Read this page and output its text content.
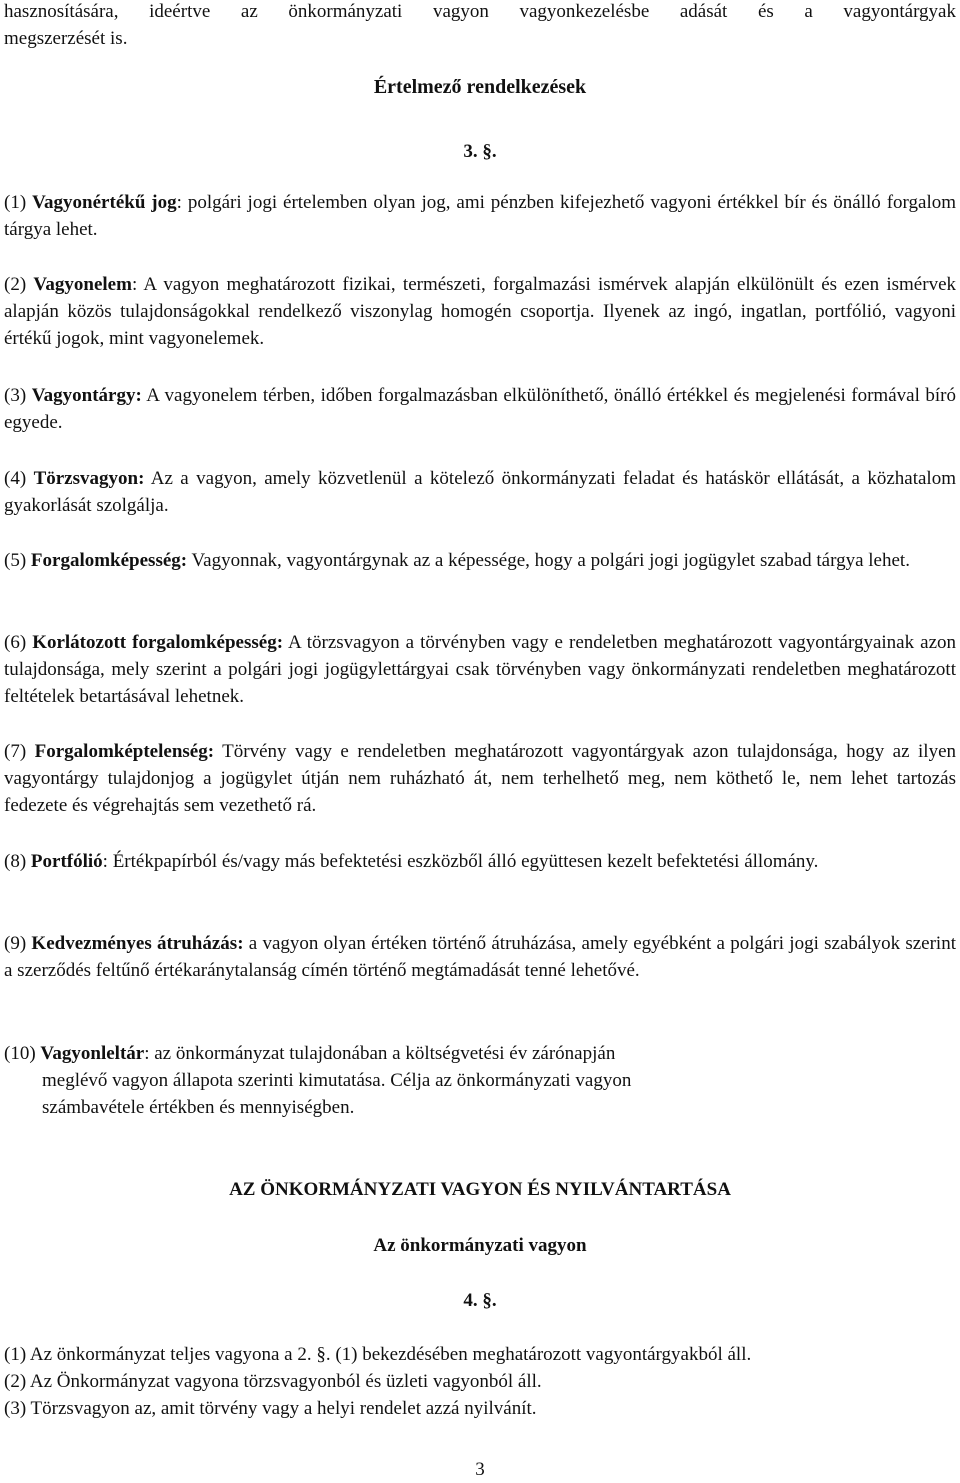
hasznosítására, ideértve az önkormányzati vagyon vagyonkezelésbe adását és a vagyontárgyak

megszerzését is.
Értelmező rendelkezések
3. §.

(1) Vagyonértékű jog: polgári jogi értelemben olyan jog, ami pénzben kifejezhető vagyoni értékkel bír és önálló forgalom tárgya lehet.

(2) Vagyonelem: A vagyon meghatározott fizikai, természeti, forgalmazási ismérvek alapján elkülönült és ezen ismérvek alapján közös tulajdonságokkal rendelkező viszonylag homogén csoportja. Ilyenek az ingó, ingatlan, portfólió, vagyoni értékű jogok, mint vagyonelemek.

(3) Vagyontárgy: A vagyonelem térben, időben forgalmazásban elkülöníthető, önálló értékkel és megjelenési formával bíró egyede.

(4) Törzsvagyon: Az a vagyon, amely közvetlenül a kötelező önkormányzati feladat és hatáskör ellátását, a közhatalom gyakorlását szolgálja.

(5) Forgalomképesség: Vagyonnak, vagyontárgynak az a képessége, hogy a polgári jogi jogügylet szabad tárgya lehet.

(6) Korlátozott forgalomképesség: A törzsvagyon a törvényben vagy e rendeletben meghatározott vagyontárgyainak azon tulajdonsága, mely szerint a polgári jogi jogügylettárgyai csak törvényben vagy önkormányzati rendeletben meghatározott feltételek betartásával lehetnek.

(7) Forgalomképtelenség: Törvény vagy e rendeletben meghatározott vagyontárgyak azon tulajdonsága, hogy az ilyen vagyontárgy tulajdonjog a jogügylet útján nem ruházható át, nem terhelhető meg, nem köthető le, nem lehet tartozás fedezete és végrehajtás sem vezethető rá.

(8) Portfólió: Értékpapírból és/vagy más befektetési eszközből álló együttesen kezelt befektetési állomány.

(9) Kedvezményes átruházás: a vagyon olyan értéken történő átruházása, amely egyébként a polgári jogi szabályok szerint a szerződés feltűnő értékaránytalanság címén történő megtámadását tenné lehetővé.

(10) Vagyonleltár: az önkormányzat tulajdonában a költségvetési év zárónapján
meglévő vagyon állapota szerinti kimutatása. Célja az önkormányzati vagyon
számbavétele értékben és mennyiségben.
AZ ÖNKORMÁNYZATI VAGYON ÉS NYILVÁNTARTÁSA
Az önkormányzati vagyon
4. §.
(1) Az önkormányzat teljes vagyona a 2. §. (1) bekezdésében meghatározott vagyontárgyakból áll.
(2) Az Önkormányzat vagyona törzsvagyonból és üzleti vagyonból áll.
(3) Törzsvagyon az, amit törvény vagy a helyi rendelet azzá nyilvánít.
3
